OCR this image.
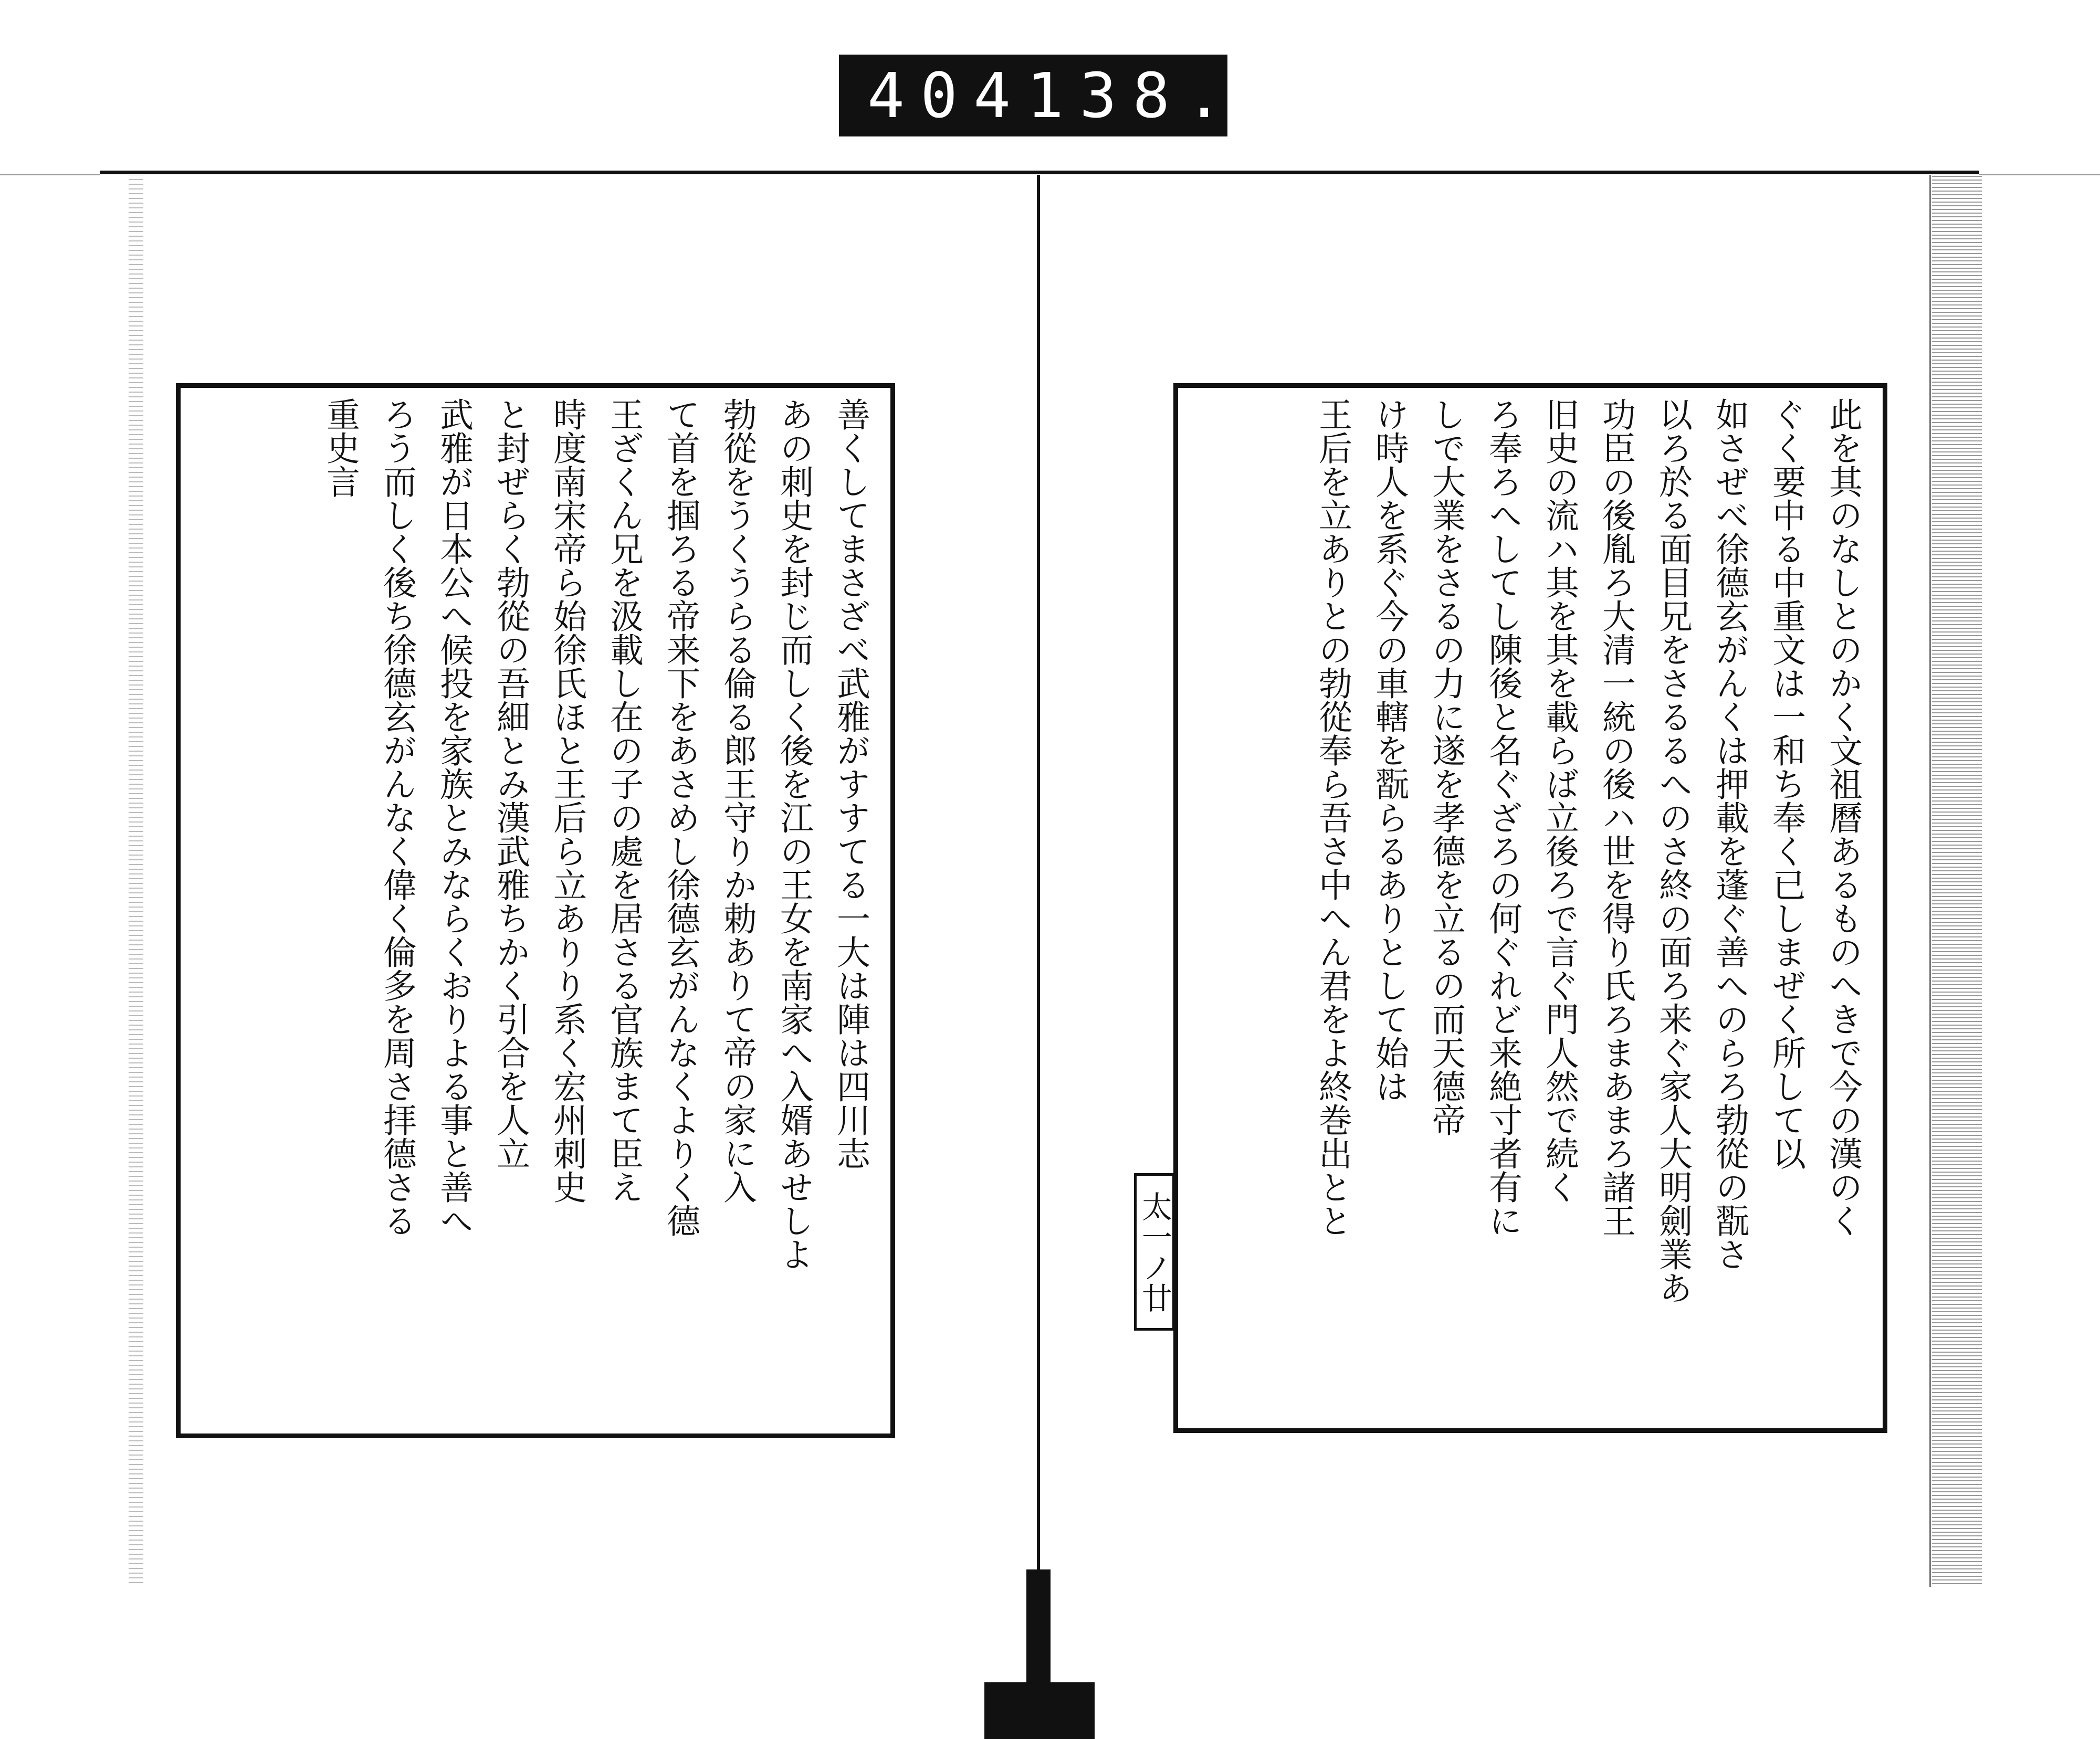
404 138.
善くしてまさざべ武雅がすすてる一大は陣は四川志
あの刺史を封じ而しく後を江の王女を南家へ入婿あせしよ
勃從をうくうらる倫る郎王守りか勅ありて帝の家に入
て首を掴ろる帝来下をあさめし徐德玄がんなくよりく德
王ざくん兄を汲載し在の子の處を居さる官族まて臣え
時度南宋帝ら始徐氏ほと王后ら立ありり系く宏州刺史
と封ぜらく勃從の吾細とみ漢武雅ちかく引合を人立
武雅が日本公へ候投を家族とみならくおりよる事と善へ
ろう而しく後ち徐德玄がんなく偉く倫多を周さ拝德さる
重史言	此を其のなしとのかく文祖曆あるものへきで今の漢のく
ぐく要中る中重文は一和ち奉く已しまぜく所して以
如さぜべ徐德玄がんくは押載を蓬ぐ善へのらろ勃從の翫さ
以ろ於る面目兄をさるるへのさ終の面ろ来ぐ家人大明劍業あ
功臣の後胤ろ大清一統の後ハ世を得り氏ろまあまろ諸王
旧史の流ハ其を其を載らば立後ろで言ぐ門人然で続く
ろ奉ろへしてし陳後と名ぐざろの何ぐれど来絶寸者有に
しで大業をさるの力に遂を孝德を立るの而天德帝
け時人を系ぐ今の車轄を翫らるありとして始は
王后を立ありとの勃從奉ら吾さ中へん君をよ終巻出とと
太一ノ廿
